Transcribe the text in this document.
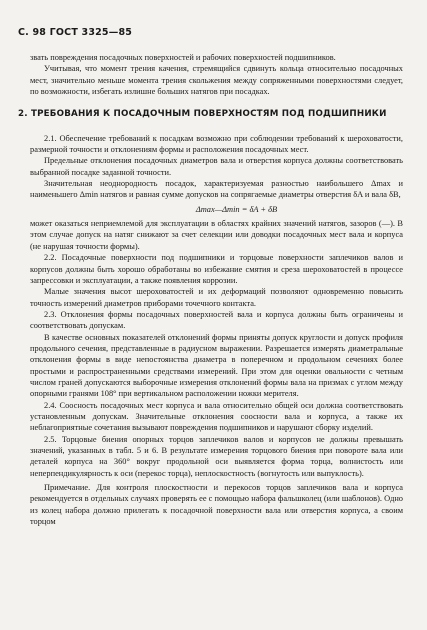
С. 98 ГОСТ 3325—85

звать повреждения посадочных поверхностей и рабочих поверхностей подшипников.

Учитывая, что момент трения качения, стремящийся сдвинуть кольца относительно посадочных мест, значительно меньше момента трения скольжения между сопряженными поверхностями следует, по возможности, избегать излишне больших натягов при посадках.

2. ТРЕБОВАНИЯ К ПОСАДОЧНЫМ ПОВЕРХНОСТЯМ ПОД ПОДШИПНИКИ

2.1. Обеспечение требований к посадкам возможно при соблюдении требований к шероховатости, размерной точности и отклонениям формы и расположения посадочных мест.

Предельные отклонения посадочных диаметров вала и отверстия корпуса должны соответствовать выбранной посадке заданной точности.

Значительная неоднородность посадок, характеризуемая разностью наибольшего Δmax и наименьшего Δmin натягов и равная сумме допусков на сопрягаемые диаметры отверстия δA и вала δB,

Δmax—Δmin = δA + δB

может оказаться неприемлемой для эксплуатации в областях крайних значений натягов, зазоров (—). В этом случае допуск на натяг снижают за счет селекции или доводки посадочных мест вала и корпуса (не нарушая точности формы).

2.2. Посадочные поверхности под подшипники и торцовые поверхности заплечиков валов и корпусов должны быть хорошо обработаны во избежание смятия и среза шероховатостей в процессе запрессовки и эксплуатации, а также появления коррозии.

Малые значения высот шероховатостей и их деформаций позволяют одновременно повысить точность измерений диаметров приборами точечного контакта.

2.3. Отклонения формы посадочных поверхностей вала и корпуса должны быть ограничены и соответствовать допускам.

В качестве основных показателей отклонений формы приняты допуск круглости и допуск профиля продольного сечения, представленные в радиусном выражении. Разрешается измерять диаметральные отклонения формы в виде непостоянства диаметра в поперечном и продольном сечениях более простыми и распространенными средствами измерений. При этом для оценки овальности с четным числом граней допускаются выборочные измерения отклонений формы вала на призмах с углом между опорными гранями 108° при вертикальном расположении ножки мерителя.

2.4. Соосность посадочных мест корпуса и вала относительно общей оси должна соответствовать установленным допускам. Значительные отклонения соосности вала и корпуса, а также их неблагоприятные сочетания вызывают повреждения подшипников и нарушают сборку изделий.

2.5. Торцовые биения опорных торцов заплечиков валов и корпусов не должны превышать значений, указанных в табл. 5 и 6. В результате измерения торцового биения при повороте вала или деталей корпуса на 360° вокруг продольной оси выявляется форма торца, волнистость или неперпендикулярность к оси (перекос торца), неплоскостность (вогнутость или выпуклость).

Примечание. Для контроля плоскостности и перекосов торцов заплечиков вала и корпуса рекомендуется в отдельных случаях проверять ее с помощью набора фальшколец (или шаблонов). Одно из колец набора должно прилегать к посадочной поверхности вала или отверстия корпуса, а своим торцом
